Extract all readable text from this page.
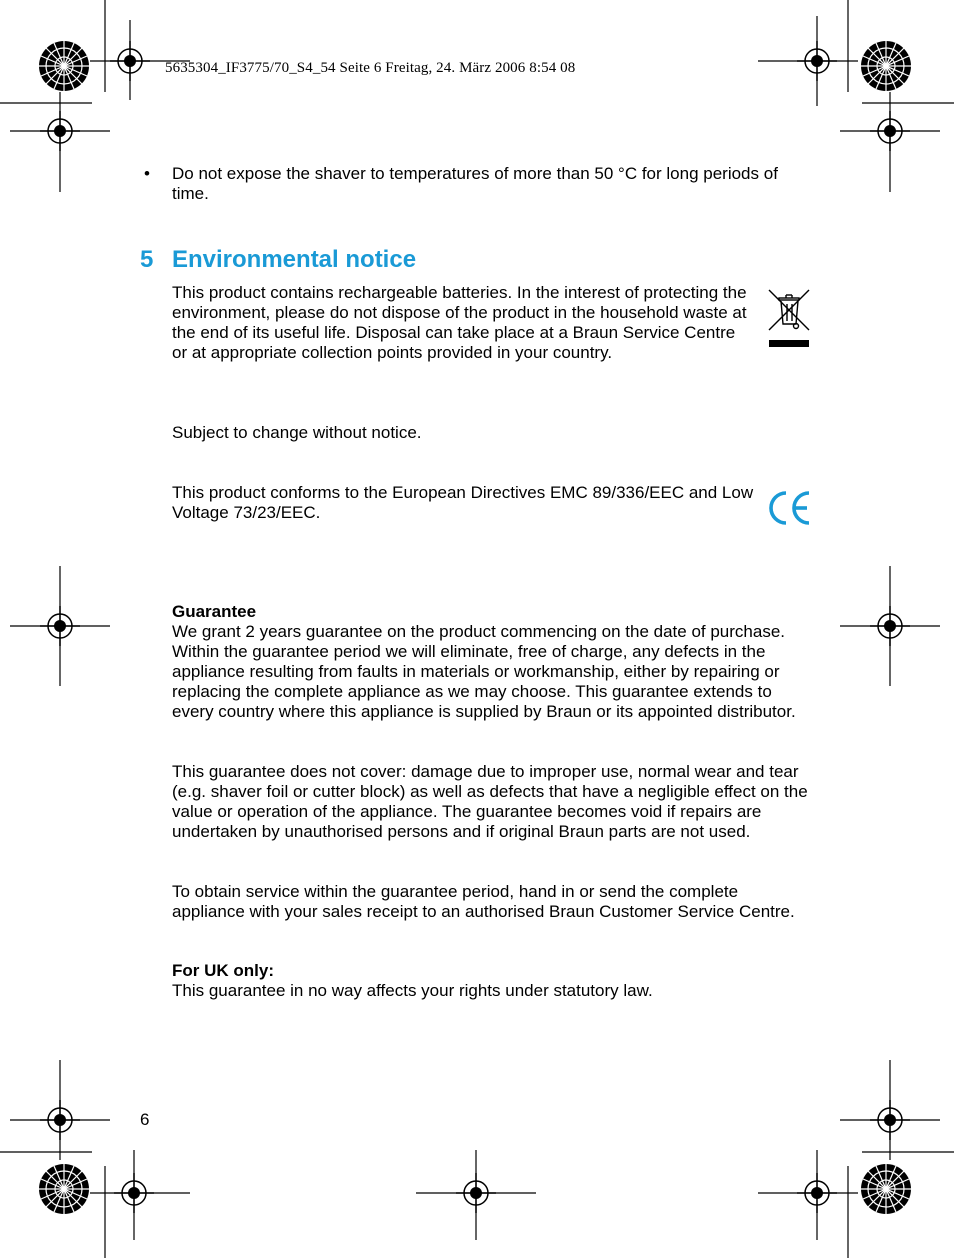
5635304_IF3775/70_S4_54 Seite 6 Freitag, 24. März 2006 8:54 08
• Do not expose the shaver to temperatures of more than 50 °C for long periods of time.
5 Environmental notice
This product contains rechargeable batteries. In the interest of protecting the environment, please do not dispose of the product in the household waste at the end of its useful life. Disposal can take place at a Braun Service Centre or at appropriate collection points provided in your country.
Subject to change without notice.
This product conforms to the European Directives EMC 89/336/EEC and Low Voltage 73/23/EEC.
Guarantee
We grant 2 years guarantee on the product commencing on the date of purchase. Within the guarantee period we will eliminate, free of charge, any defects in the appliance resulting from faults in materials or workmanship, either by repairing or replacing the complete appliance as we may choose. This guarantee extends to every country where this appliance is supplied by Braun or its appointed distributor.
This guarantee does not cover: damage due to improper use, normal wear and tear (e.g. shaver foil or cutter block) as well as defects that have a negligible effect on the value or operation of the appliance. The guarantee becomes void if repairs are undertaken by unauthorised persons and if original Braun parts are not used.
To obtain service within the guarantee period, hand in or send the complete appliance with your sales receipt to an authorised Braun Customer Service Centre.
For UK only:
This guarantee in no way affects your rights under statutory law.
6
